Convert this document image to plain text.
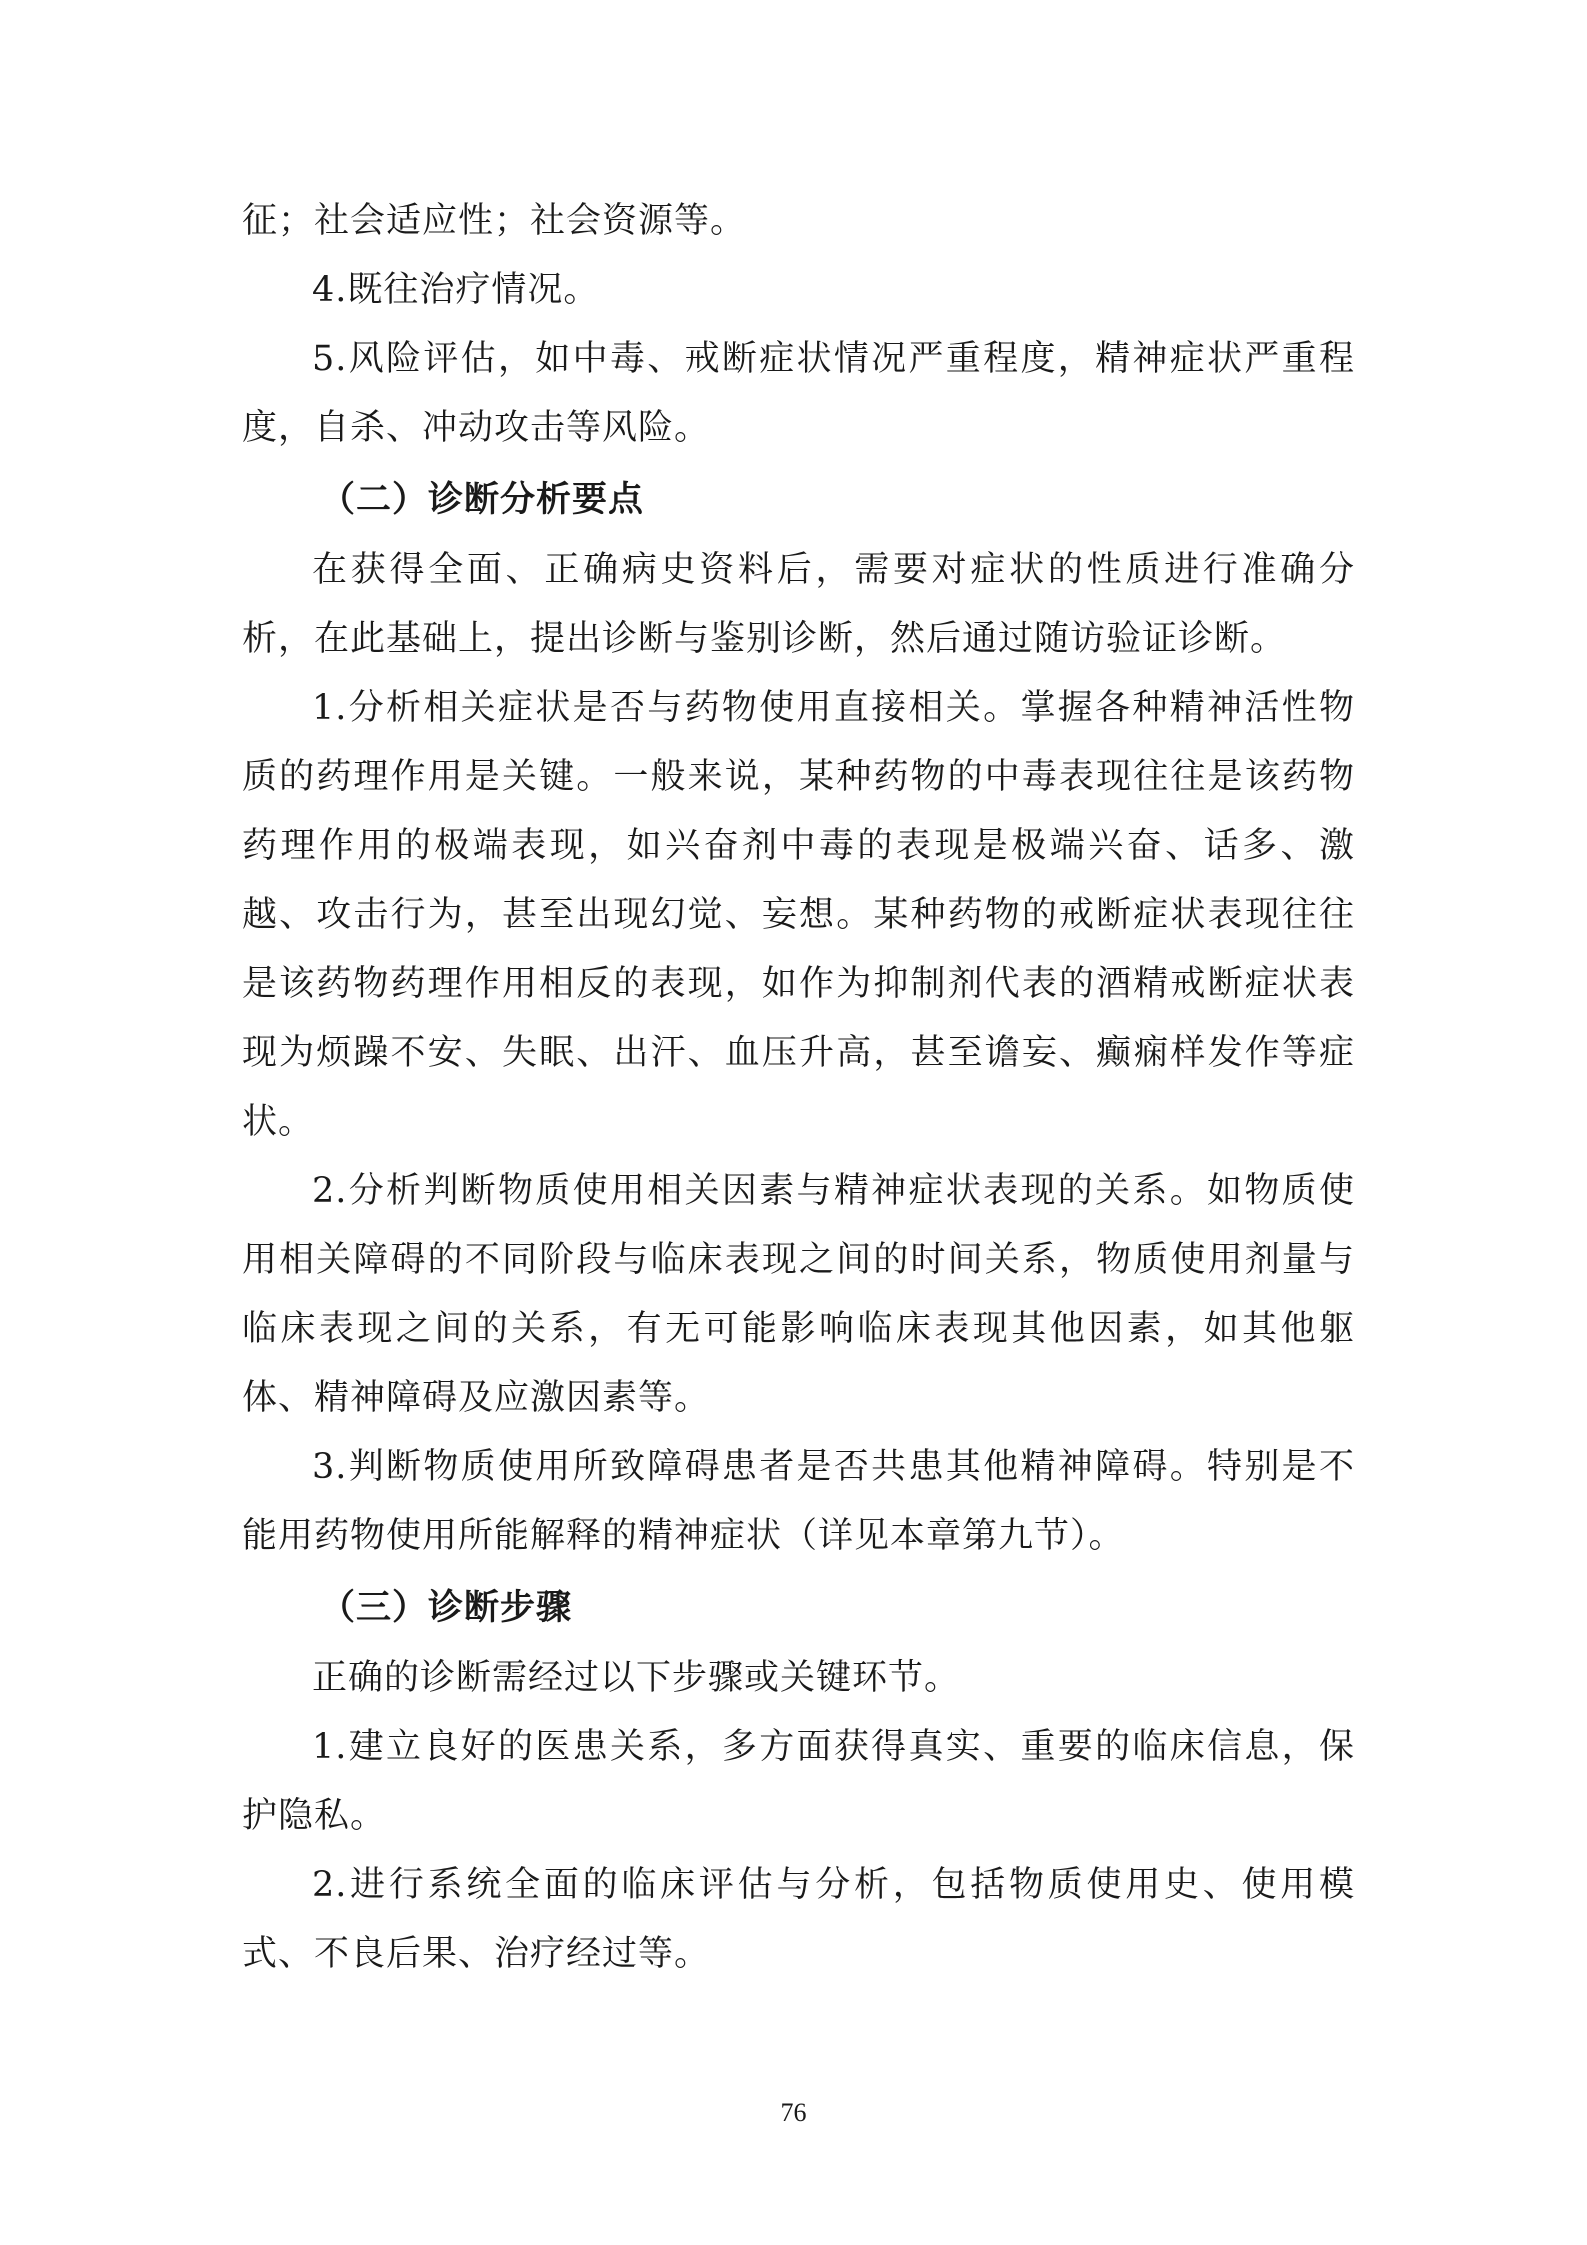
征；社会适应性；社会资源等。

4.既往治疗情况。

5.风险评估，如中毒、戒断症状情况严重程度，精神症状严重程度，自杀、冲动攻击等风险。

（二）诊断分析要点

在获得全面、正确病史资料后，需要对症状的性质进行准确分析，在此基础上，提出诊断与鉴别诊断，然后通过随访验证诊断。

1.分析相关症状是否与药物使用直接相关。掌握各种精神活性物质的药理作用是关键。一般来说，某种药物的中毒表现往往是该药物药理作用的极端表现，如兴奋剂中毒的表现是极端兴奋、话多、激越、攻击行为，甚至出现幻觉、妄想。某种药物的戒断症状表现往往是该药物药理作用相反的表现，如作为抑制剂代表的酒精戒断症状表现为烦躁不安、失眠、出汗、血压升高，甚至谵妄、癫痫样发作等症状。

2.分析判断物质使用相关因素与精神症状表现的关系。如物质使用相关障碍的不同阶段与临床表现之间的时间关系，物质使用剂量与临床表现之间的关系，有无可能影响临床表现其他因素，如其他躯体、精神障碍及应激因素等。

3.判断物质使用所致障碍患者是否共患其他精神障碍。特别是不能用药物使用所能解释的精神症状（详见本章第九节）。

（三）诊断步骤

正确的诊断需经过以下步骤或关键环节。

1.建立良好的医患关系，多方面获得真实、重要的临床信息，保护隐私。

2.进行系统全面的临床评估与分析，包括物质使用史、使用模式、不良后果、治疗经过等。

76
